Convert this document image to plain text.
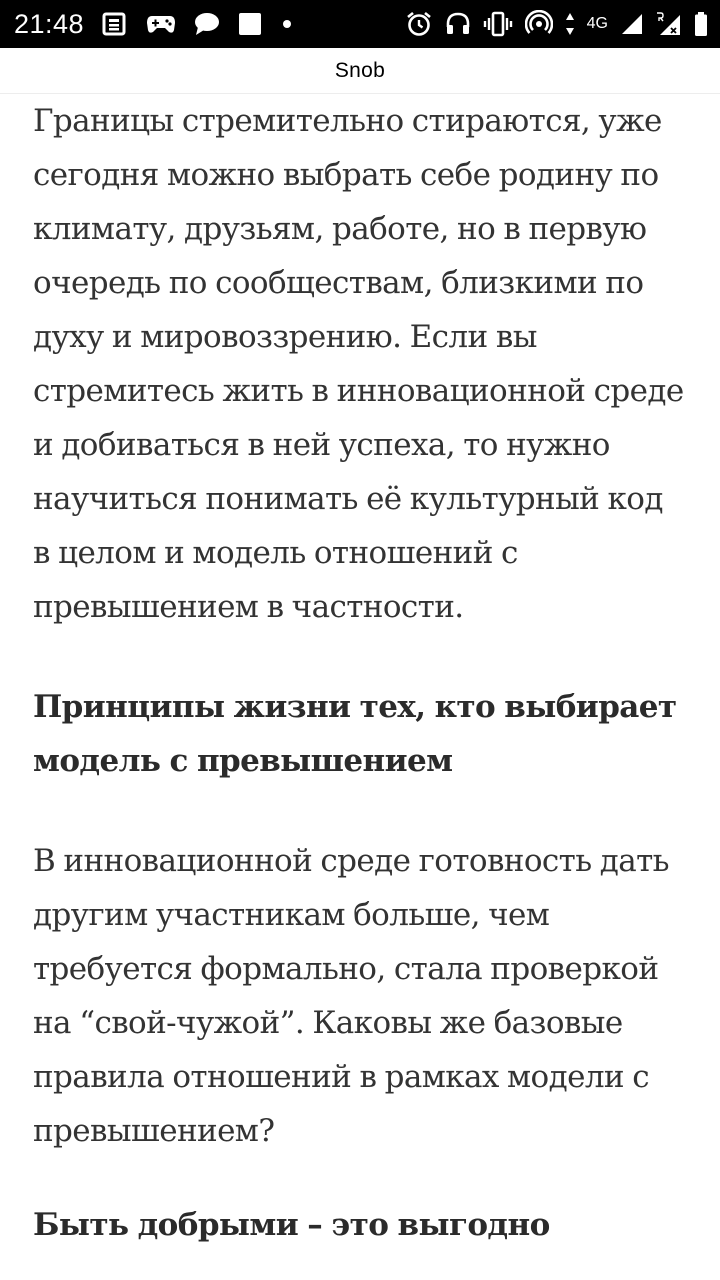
21:48	4G
Snob

Границы стремительно стираются, уже сегодня можно выбрать себе родину по климату, друзьям, работе, но в первую очередь по сообществам, близкими по духу и мировоззрению. Если вы стремитесь жить в инновационной среде и добиваться в ней успеха, то нужно научиться понимать её культурный код в целом и модель отношений с превышением в частности.

Принципы жизни тех, кто выбирает модель с превышением

В инновационной среде готовность дать другим участникам больше, чем требуется формально, стала проверкой на “свой-чужой”. Каковы же базовые правила отношений в рамках модели с превышением?

Быть добрыми – это выгодно
